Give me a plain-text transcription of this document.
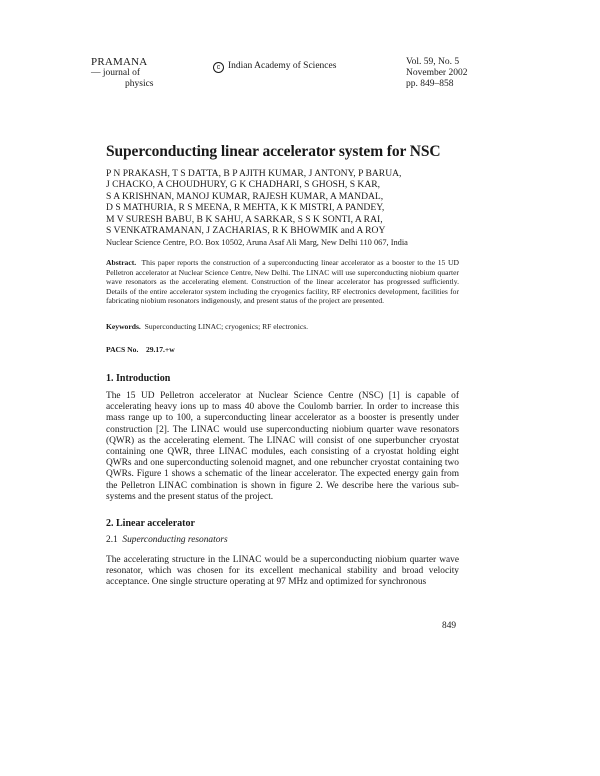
PRAMANA
— journal of
physics
c Indian Academy of Sciences	Vol. 59, No. 5
November 2002
pp. 849–858
Superconducting linear accelerator system for NSC
P N PRAKASH, T S DATTA, B P AJITH KUMAR, J ANTONY, P BARUA,
J CHACKO, A CHOUDHURY, G K CHADHARI, S GHOSH, S KAR,
S A KRISHNAN, MANOJ KUMAR, RAJESH KUMAR, A MANDAL,
D S MATHURIA, R S MEENA, R MEHTA, K K MISTRI, A PANDEY,
M V SURESH BABU, B K SAHU, A SARKAR, S S K SONTI, A RAI,
S VENKATRAMANAN, J ZACHARIAS, R K BHOWMIK and A ROY
Nuclear Science Centre, P.O. Box 10502, Aruna Asaf Ali Marg, New Delhi 110 067, India
Abstract. This paper reports the construction of a superconducting linear accelerator as a booster to the 15 UD Pelletron accelerator at Nuclear Science Centre, New Delhi. The LINAC will use superconducting niobium quarter wave resonators as the accelerating element. Construction of the linear accelerator has progressed sufficiently. Details of the entire accelerator system including the cryogenics facility, RF electronics development, facilities for fabricating niobium resonators indigenously, and present status of the project are presented.
Keywords. Superconducting LINAC; cryogenics; RF electronics.
PACS No. 29.17.+w
1. Introduction
The 15 UD Pelletron accelerator at Nuclear Science Centre (NSC) [1] is capable of accelerating heavy ions up to mass 40 above the Coulomb barrier. In order to increase this mass range up to 100, a superconducting linear accelerator as a booster is presently under construction [2]. The LINAC would use superconducting niobium quarter wave resonators (QWR) as the accelerating element. The LINAC will consist of one superbuncher cryostat containing one QWR, three LINAC modules, each consisting of a cryostat holding eight QWRs and one superconducting solenoid magnet, and one rebuncher cryostat containing two QWRs. Figure 1 shows a schematic of the linear accelerator. The expected energy gain from the Pelletron LINAC combination is shown in figure 2. We describe here the various sub-systems and the present status of the project.
2. Linear accelerator
2.1 Superconducting resonators
The accelerating structure in the LINAC would be a superconducting niobium quarter wave resonator, which was chosen for its excellent mechanical stability and broad velocity acceptance. One single structure operating at 97 MHz and optimized for synchronous
849
